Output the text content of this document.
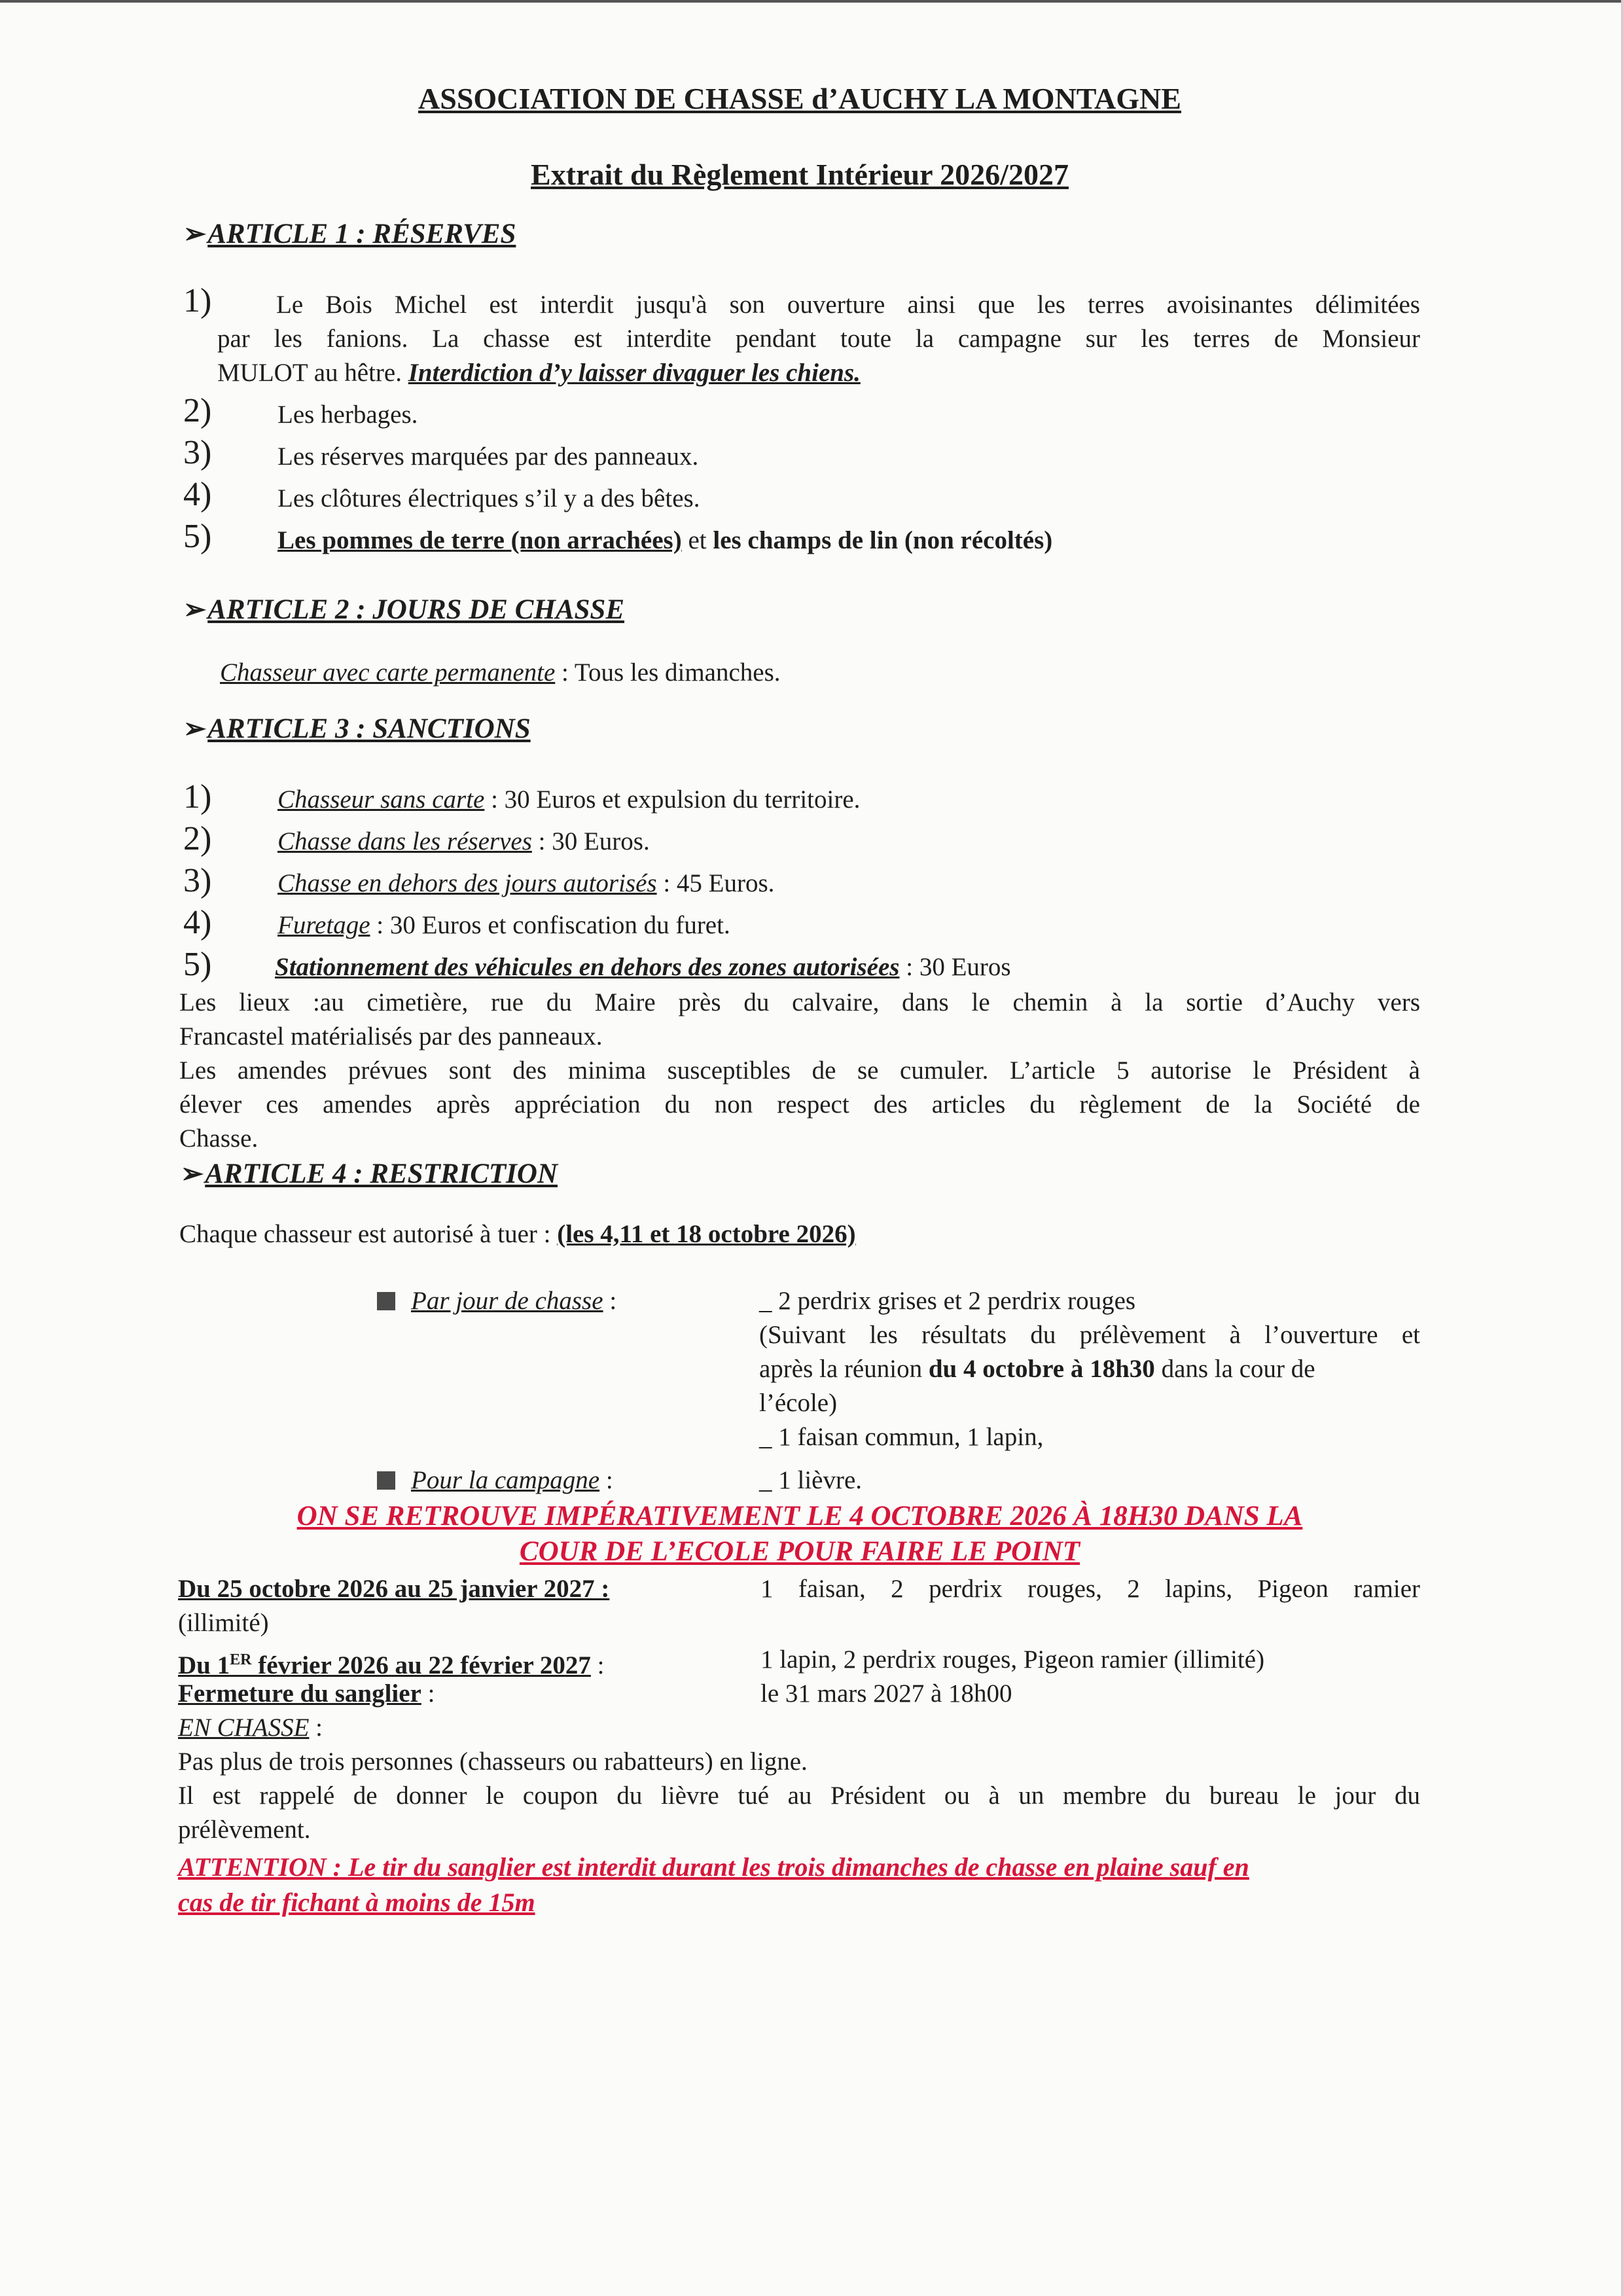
ASSOCIATION DE CHASSE d’AUCHY LA MONTAGNE
Extrait du Règlement Intérieur 2026/2027
➢ARTICLE 1 : RÉSERVES
1)	Le Bois Michel est interdit jusqu'à son ouverture ainsi que les terres avoisinantes délimitées
par les fanions. La chasse est interdite pendant toute la campagne sur les terres de Monsieur
MULOT au hêtre. Interdiction d’y laisser divaguer les chiens.
2)	Les herbages.
3)	Les réserves marquées par des panneaux.
4)	Les clôtures électriques s’il y a des bêtes.
5)	Les pommes de terre (non arrachées) et les champs de lin (non récoltés)
➢ARTICLE 2 : JOURS DE CHASSE
Chasseur avec carte permanente : Tous les dimanches.
➢ARTICLE 3 : SANCTIONS
1)	Chasseur sans carte : 30 Euros et expulsion du territoire.
2)	Chasse dans les réserves : 30 Euros.
3)	Chasse en dehors des jours autorisés : 45 Euros.
4)	Furetage : 30 Euros et confiscation du furet.
5) Stationnement des véhicules en dehors des zones autorisées : 30 Euros
Les lieux :au cimetière, rue du Maire près du calvaire, dans le chemin à la sortie d’Auchy vers
Francastel matérialisés par des panneaux.
Les amendes prévues sont des minima susceptibles de se cumuler. L’article 5 autorise le Président à
élever ces amendes après appréciation du non respect des articles du règlement de la Société de
Chasse.
➢ARTICLE 4 : RESTRICTION
Chaque chasseur est autorisé à tuer : (les 4,11 et 18 octobre 2026)
Par jour de chasse :	_ 2 perdrix grises et 2 perdrix rouges
(Suivant les résultats du prélèvement à l’ouverture et
après la réunion du 4 octobre à 18h30 dans la cour de
l’école)
_ 1 faisan commun, 1 lapin,
Pour la campagne :	_ 1 lièvre.
ON SE RETROUVE IMPÉRATIVEMENT LE 4 OCTOBRE 2026 À 18H30 DANS LA
COUR DE L’ECOLE POUR FAIRE LE POINT
Du 25 octobre 2026 au 25 janvier 2027 :	1 faisan, 2 perdrix rouges, 2 lapins, Pigeon ramier
(illimité)
Du 1ER février 2026 au 22 février 2027 :	1 lapin, 2 perdrix rouges, Pigeon ramier (illimité)
Fermeture du sanglier :	le 31 mars 2027 à 18h00
EN CHASSE :
Pas plus de trois personnes (chasseurs ou rabatteurs) en ligne.
Il est rappelé de donner le coupon du lièvre tué au Président ou à un membre du bureau le jour du
prélèvement.
ATTENTION : Le tir du sanglier est interdit durant les trois dimanches de chasse en plaine sauf en
cas de tir fichant à moins de 15m
